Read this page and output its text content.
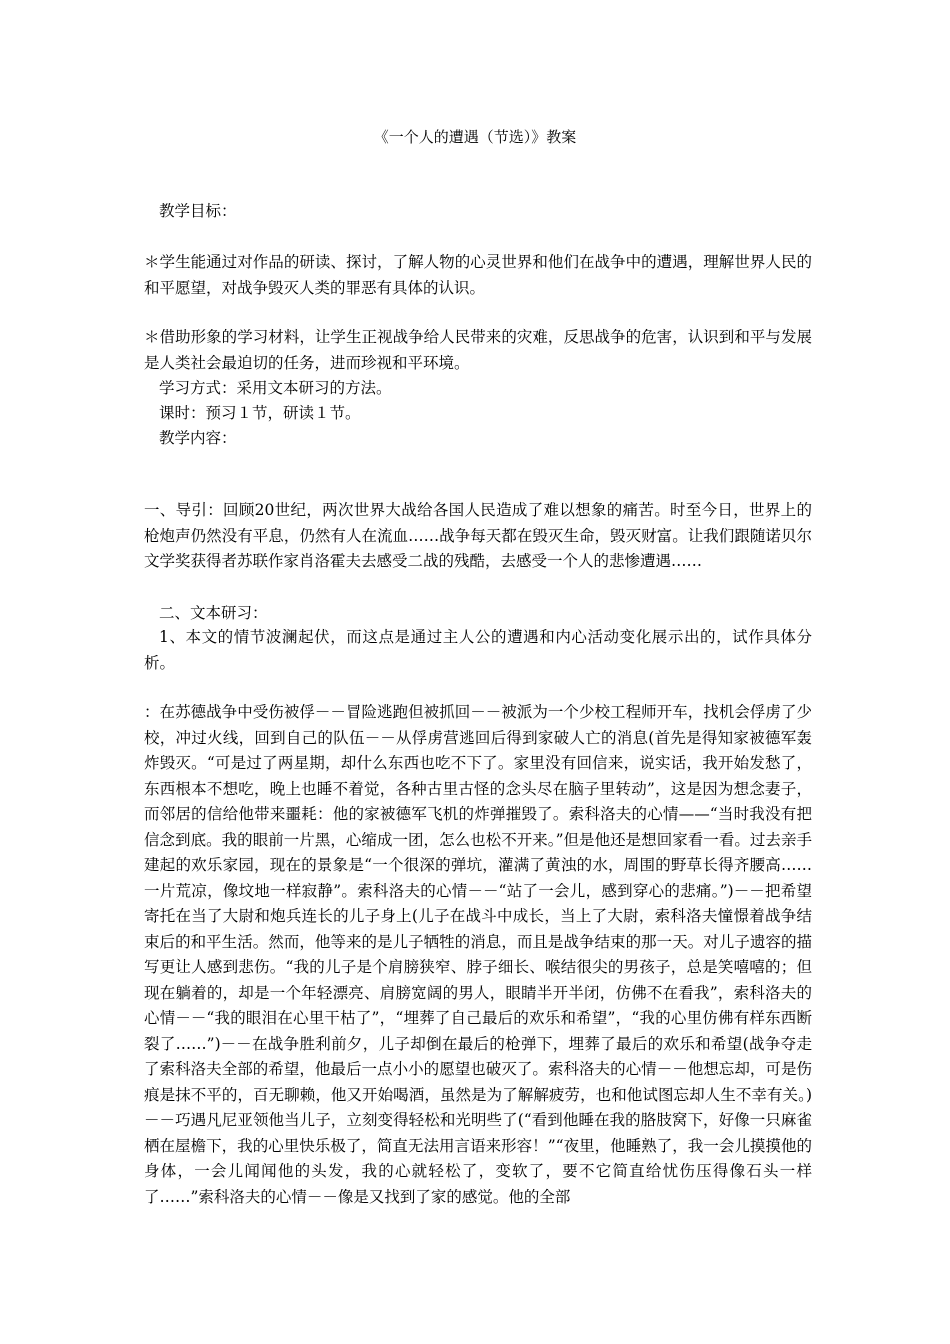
《一个人的遭遇（节选）》教案

教学目标：

＊学生能通过对作品的研读、探讨，了解人物的心灵世界和他们在战争中的遭遇，理解世界人民的和平愿望，对战争毁灭人类的罪恶有具体的认识。

＊借助形象的学习材料，让学生正视战争给人民带来的灾难，反思战争的危害，认识到和平与发展是人类社会最迫切的任务，进而珍视和平环境。

学习方式：采用文本研习的方法。

课时：预习１节，研读１节。

教学内容：

一、导引：回顾20世纪，两次世界大战给各国人民造成了难以想象的痛苦。时至今日，世界上的枪炮声仍然没有平息，仍然有人在流血……战争每天都在毁灭生命，毁灭财富。让我们跟随诺贝尔文学奖获得者苏联作家肖洛霍夫去感受二战的残酷，去感受一个人的悲惨遭遇……

二、文本研习：

1、本文的情节波澜起伏，而这点是通过主人公的遭遇和内心活动变化展示出的，试作具体分析。

：在苏德战争中受伤被俘－－冒险逃跑但被抓回－－被派为一个少校工程师开车，找机会俘虏了少校，冲过火线，回到自己的队伍－－从俘虏营逃回后得到家破人亡的消息(首先是得知家被德军轰炸毁灭。“可是过了两星期，却什么东西也吃不下了。家里没有回信来，说实话，我开始发愁了，东西根本不想吃，晚上也睡不着觉，各种古里古怪的念头尽在脑子里转动”，这是因为想念妻子，而邻居的信给他带来噩耗：他的家被德军飞机的炸弹摧毁了。索科洛夫的心情——“当时我没有把信念到底。我的眼前一片黑，心缩成一团，怎么也松不开来。”但是他还是想回家看一看。过去亲手建起的欢乐家园，现在的景象是“一个很深的弹坑，灌满了黄浊的水，周围的野草长得齐腰高……一片荒凉，像坟地一样寂静”。索科洛夫的心情－－“站了一会儿，感到穿心的悲痛。”)－－把希望寄托在当了大尉和炮兵连长的儿子身上(儿子在战斗中成长，当上了大尉，索科洛夫憧憬着战争结束后的和平生活。然而，他等来的是儿子牺牲的消息，而且是战争结束的那一天。对儿子遗容的描写更让人感到悲伤。“我的儿子是个肩膀狭窄、脖子细长、喉结很尖的男孩子，总是笑嘻嘻的；但现在躺着的，却是一个年轻漂亮、肩膀宽阔的男人，眼睛半开半闭，仿佛不在看我”，索科洛夫的心情－－“我的眼泪在心里干枯了”，“埋葬了自己最后的欢乐和希望”，“我的心里仿佛有样东西断裂了……”)－－在战争胜利前夕，儿子却倒在最后的枪弹下，埋葬了最后的欢乐和希望(战争夺走了索科洛夫全部的希望，他最后一点小小的愿望也破灭了。索科洛夫的心情－－他想忘却，可是伤痕是抹不平的，百无聊赖，他又开始喝酒，虽然是为了解解疲劳，也和他试图忘却人生不幸有关。)－－巧遇凡尼亚领他当儿子，立刻变得轻松和光明些了(“看到他睡在我的胳肢窝下，好像一只麻雀栖在屋檐下，我的心里快乐极了，简直无法用言语来形容！”“夜里，他睡熟了，我一会儿摸摸他的身体，一会儿闻闻他的头发，我的心就轻松了，变软了，要不它简直给忧伤压得像石头一样了……”索科洛夫的心情－－像是又找到了家的感觉。他的全部
